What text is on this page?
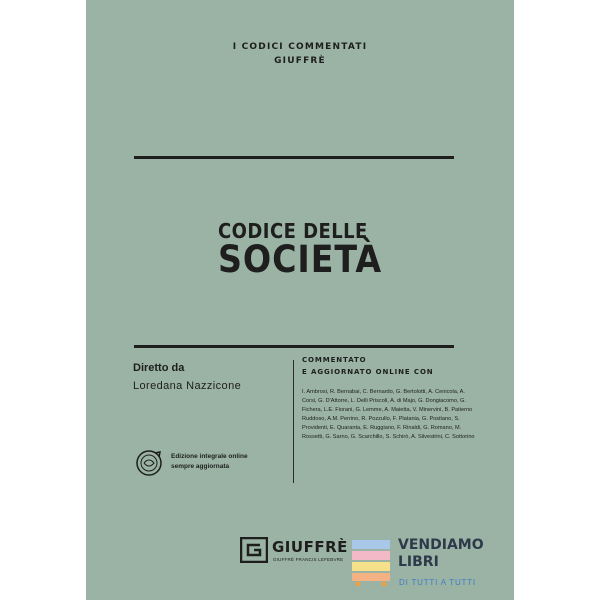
I CODICI COMMENTATI
GIUFFRÈ
CODICE DELLE
SOCIETÀ
Diretto da
Loredana Nazzicone
COMMENTATO
E AGGIORNATO ONLINE CON
I. Ambrosi, R. Bernabai, C. Bernardo, G. Bertolotti, A. Cenicola, A. Corsi, G. D'Attorre, L. Delli Priscoli, A. di Majo, G. Dongiacomo, G. Fichera, L.E. Fiorani, G. Lemme, A. Maietta, V. Minervini, B. Patierno Ruddoso, A.M. Perrino, R. Pozzullo, F. Platania, G. Positano, S. Providenti, E. Quaranta, E. Ruggiano, F. Rinaldi, G. Romano, M. Rossetti, G. Sarno, G. Scarchillo, S. Schirò, A. Silvestrini, C. Sottorino
Edizione integrale online
sempre aggiornata
GIUFFRÈ
GIUFFRÈ FRANCIS LEFEBVRE
VENDIAMO
LIBRI
DI TUTTI A TUTTI
